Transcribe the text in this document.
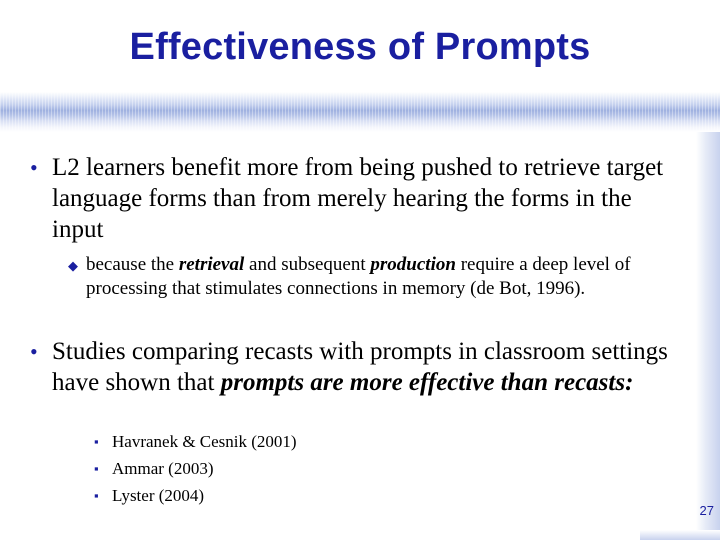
Effectiveness of Prompts
• L2 learners benefit more from being pushed to retrieve target language forms than from merely hearing the forms in the input
◆ because the retrieval and subsequent production require a deep level of processing that stimulates connections in memory (de Bot, 1996).
• Studies comparing recasts with prompts in classroom settings have shown that prompts are more effective than recasts:
▪ Havranek & Cesnik (2001)
▪ Ammar (2003)
▪ Lyster (2004)
27
